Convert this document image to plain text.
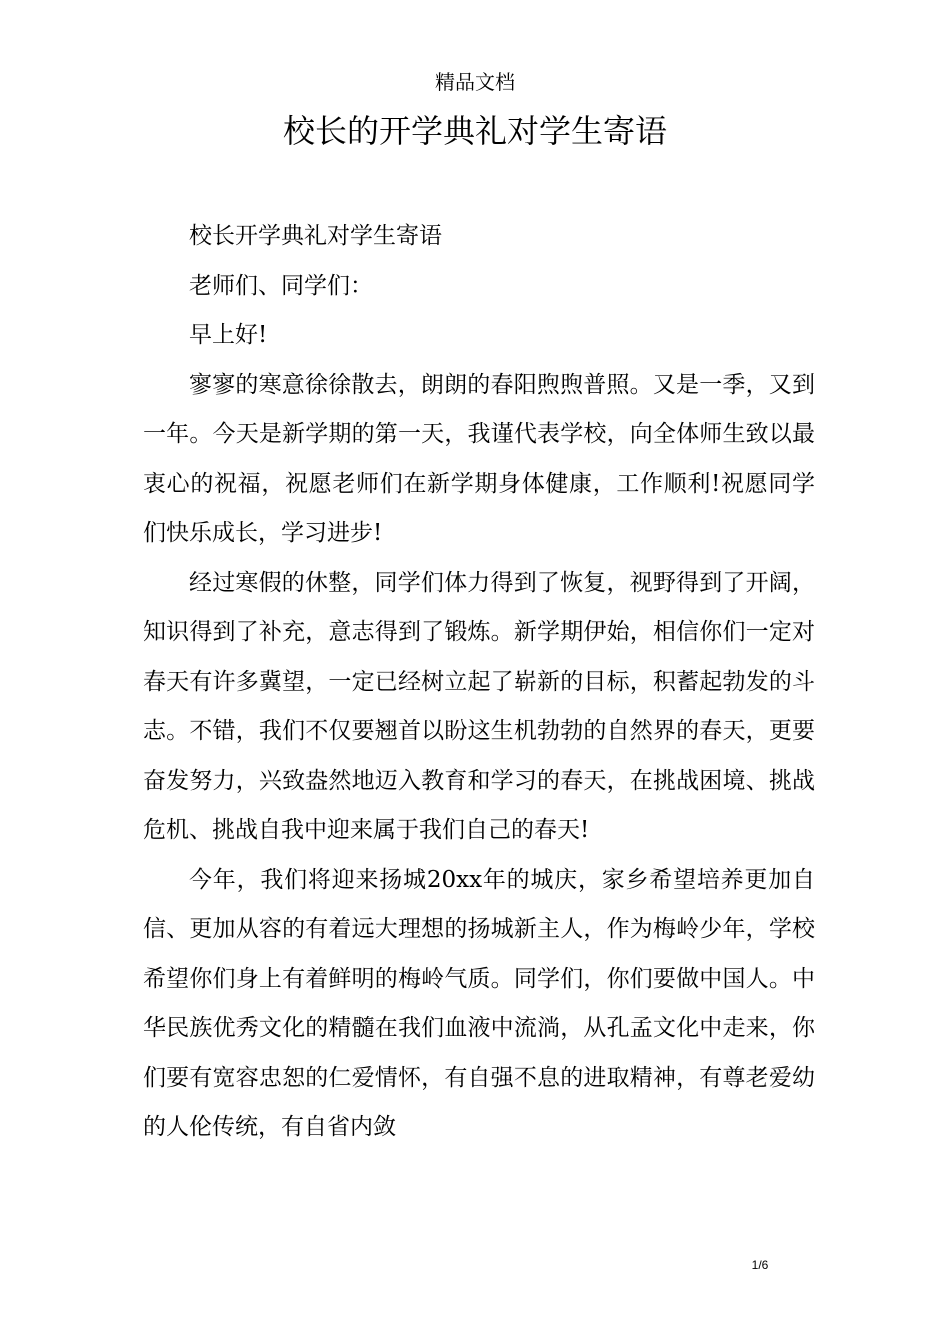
精品文档
校长的开学典礼对学生寄语

校长开学典礼对学生寄语

老师们、同学们：

早上好!

寥寥的寒意徐徐散去，朗朗的春阳煦煦普照。又是一季，又到一年。今天是新学期的第一天，我谨代表学校，向全体师生致以最衷心的祝福，祝愿老师们在新学期身体健康，工作顺利!祝愿同学们快乐成长，学习进步!

经过寒假的休整，同学们体力得到了恢复，视野得到了开阔，知识得到了补充，意志得到了锻炼。新学期伊始，相信你们一定对春天有许多冀望，一定已经树立起了崭新的目标，积蓄起勃发的斗志。不错，我们不仅要翘首以盼这生机勃勃的自然界的春天，更要奋发努力，兴致盎然地迈入教育和学习的春天，在挑战困境、挑战危机、挑战自我中迎来属于我们自己的春天!

今年，我们将迎来扬城20xx年的城庆，家乡希望培养更加自信、更加从容的有着远大理想的扬城新主人，作为梅岭少年，学校希望你们身上有着鲜明的梅岭气质。同学们，你们要做中国人。中华民族优秀文化的精髓在我们血液中流淌，从孔孟文化中走来，你们要有宽容忠恕的仁爱情怀，有自强不息的进取精神，有尊老爱幼的人伦传统，有自省内敛

1/6
